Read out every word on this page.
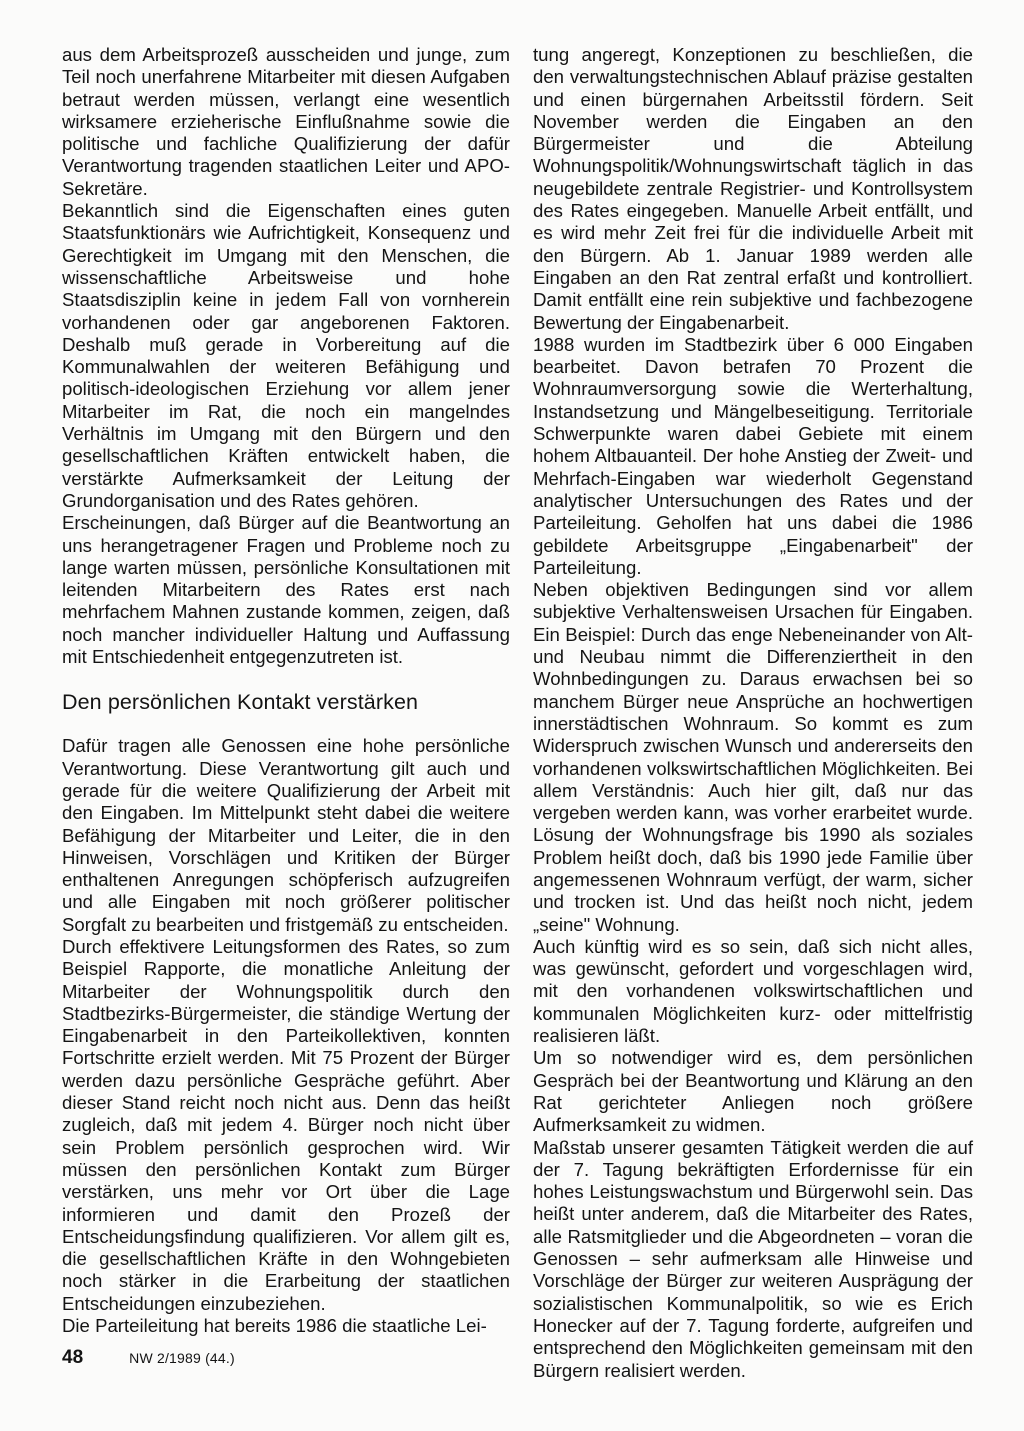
aus dem Arbeitsprozeß ausscheiden und junge, zum Teil noch unerfahrene Mitarbeiter mit diesen Aufgaben betraut werden müssen, verlangt eine wesentlich wirksamere erzieherische Einflußnahme sowie die politische und fachliche Qualifizierung der dafür Verantwortung tragenden staatlichen Leiter und APO-Sekretäre.

Bekanntlich sind die Eigenschaften eines guten Staatsfunktionärs wie Aufrichtigkeit, Konsequenz und Gerechtigkeit im Umgang mit den Menschen, die wissenschaftliche Arbeitsweise und hohe Staatsdisziplin keine in jedem Fall von vornherein vorhandenen oder gar angeborenen Faktoren. Deshalb muß gerade in Vorbereitung auf die Kommunalwahlen der weiteren Befähigung und politisch-ideologischen Erziehung vor allem jener Mitarbeiter im Rat, die noch ein mangelndes Verhältnis im Umgang mit den Bürgern und den gesellschaftlichen Kräften entwickelt haben, die verstärkte Aufmerksamkeit der Leitung der Grundorganisation und des Rates gehören.

Erscheinungen, daß Bürger auf die Beantwortung an uns herangetragener Fragen und Probleme noch zu lange warten müssen, persönliche Konsultationen mit leitenden Mitarbeitern des Rates erst nach mehrfachem Mahnen zustande kommen, zeigen, daß noch mancher individueller Haltung und Auffassung mit Entschiedenheit entgegenzutreten ist.

Den persönlichen Kontakt verstärken

Dafür tragen alle Genossen eine hohe persönliche Verantwortung. Diese Verantwortung gilt auch und gerade für die weitere Qualifizierung der Arbeit mit den Eingaben. Im Mittelpunkt steht dabei die weitere Befähigung der Mitarbeiter und Leiter, die in den Hinweisen, Vorschlägen und Kritiken der Bürger enthaltenen Anregungen schöpferisch aufzugreifen und alle Eingaben mit noch größerer politischer Sorgfalt zu bearbeiten und fristgemäß zu entscheiden.

Durch effektivere Leitungsformen des Rates, so zum Beispiel Rapporte, die monatliche Anleitung der Mitarbeiter der Wohnungspolitik durch den Stadtbezirks-Bürgermeister, die ständige Wertung der Eingabenarbeit in den Parteikollektiven, konnten Fortschritte erzielt werden. Mit 75 Prozent der Bürger werden dazu persönliche Gespräche geführt. Aber dieser Stand reicht noch nicht aus. Denn das heißt zugleich, daß mit jedem 4. Bürger noch nicht über sein Problem persönlich gesprochen wird. Wir müssen den persönlichen Kontakt zum Bürger verstärken, uns mehr vor Ort über die Lage informieren und damit den Prozeß der Entscheidungsfindung qualifizieren. Vor allem gilt es, die gesellschaftlichen Kräfte in den Wohngebieten noch stärker in die Erarbeitung der staatlichen Entscheidungen einzubeziehen.

Die Parteileitung hat bereits 1986 die staatliche Lei-

tung angeregt, Konzeptionen zu beschließen, die den verwaltungstechnischen Ablauf präzise gestalten und einen bürgernahen Arbeitsstil fördern. Seit November werden die Eingaben an den Bürgermeister und die Abteilung Wohnungspolitik/Wohnungswirtschaft täglich in das neugebildete zentrale Registrier- und Kontrollsystem des Rates eingegeben. Manuelle Arbeit entfällt, und es wird mehr Zeit frei für die individuelle Arbeit mit den Bürgern. Ab 1. Januar 1989 werden alle Eingaben an den Rat zentral erfaßt und kontrolliert. Damit entfällt eine rein subjektive und fachbezogene Bewertung der Eingabenarbeit.

1988 wurden im Stadtbezirk über 6 000 Eingaben bearbeitet. Davon betrafen 70 Prozent die Wohnraumversorgung sowie die Werterhaltung, Instandsetzung und Mängelbeseitigung. Territoriale Schwerpunkte waren dabei Gebiete mit einem hohem Altbauanteil. Der hohe Anstieg der Zweit- und Mehrfach-Eingaben war wiederholt Gegenstand analytischer Untersuchungen des Rates und der Parteileitung. Geholfen hat uns dabei die 1986 gebildete Arbeitsgruppe „Eingabenarbeit" der Parteileitung.

Neben objektiven Bedingungen sind vor allem subjektive Verhaltensweisen Ursachen für Eingaben. Ein Beispiel: Durch das enge Nebeneinander von Alt- und Neubau nimmt die Differenziertheit in den Wohnbedingungen zu. Daraus erwachsen bei so manchem Bürger neue Ansprüche an hochwertigen innerstädtischen Wohnraum. So kommt es zum Widerspruch zwischen Wunsch und andererseits den vorhandenen volkswirtschaftlichen Möglichkeiten. Bei allem Verständnis: Auch hier gilt, daß nur das vergeben werden kann, was vorher erarbeitet wurde. Lösung der Wohnungsfrage bis 1990 als soziales Problem heißt doch, daß bis 1990 jede Familie über angemessenen Wohnraum verfügt, der warm, sicher und trocken ist. Und das heißt noch nicht, jedem „seine" Wohnung.

Auch künftig wird es so sein, daß sich nicht alles, was gewünscht, gefordert und vorgeschlagen wird, mit den vorhandenen volkswirtschaftlichen und kommunalen Möglichkeiten kurz- oder mittelfristig realisieren läßt.

Um so notwendiger wird es, dem persönlichen Gespräch bei der Beantwortung und Klärung an den Rat gerichteter Anliegen noch größere Aufmerksamkeit zu widmen.

Maßstab unserer gesamten Tätigkeit werden die auf der 7. Tagung bekräftigten Erfordernisse für ein hohes Leistungswachstum und Bürgerwohl sein. Das heißt unter anderem, daß die Mitarbeiter des Rates, alle Ratsmitglieder und die Abgeordneten – voran die Genossen – sehr aufmerksam alle Hinweise und Vorschläge der Bürger zur weiteren Ausprägung der sozialistischen Kommunalpolitik, so wie es Erich Honecker auf der 7. Tagung forderte, aufgreifen und entsprechend den Möglichkeiten gemeinsam mit den Bürgern realisiert werden.

48	NW 2/1989 (44.)
